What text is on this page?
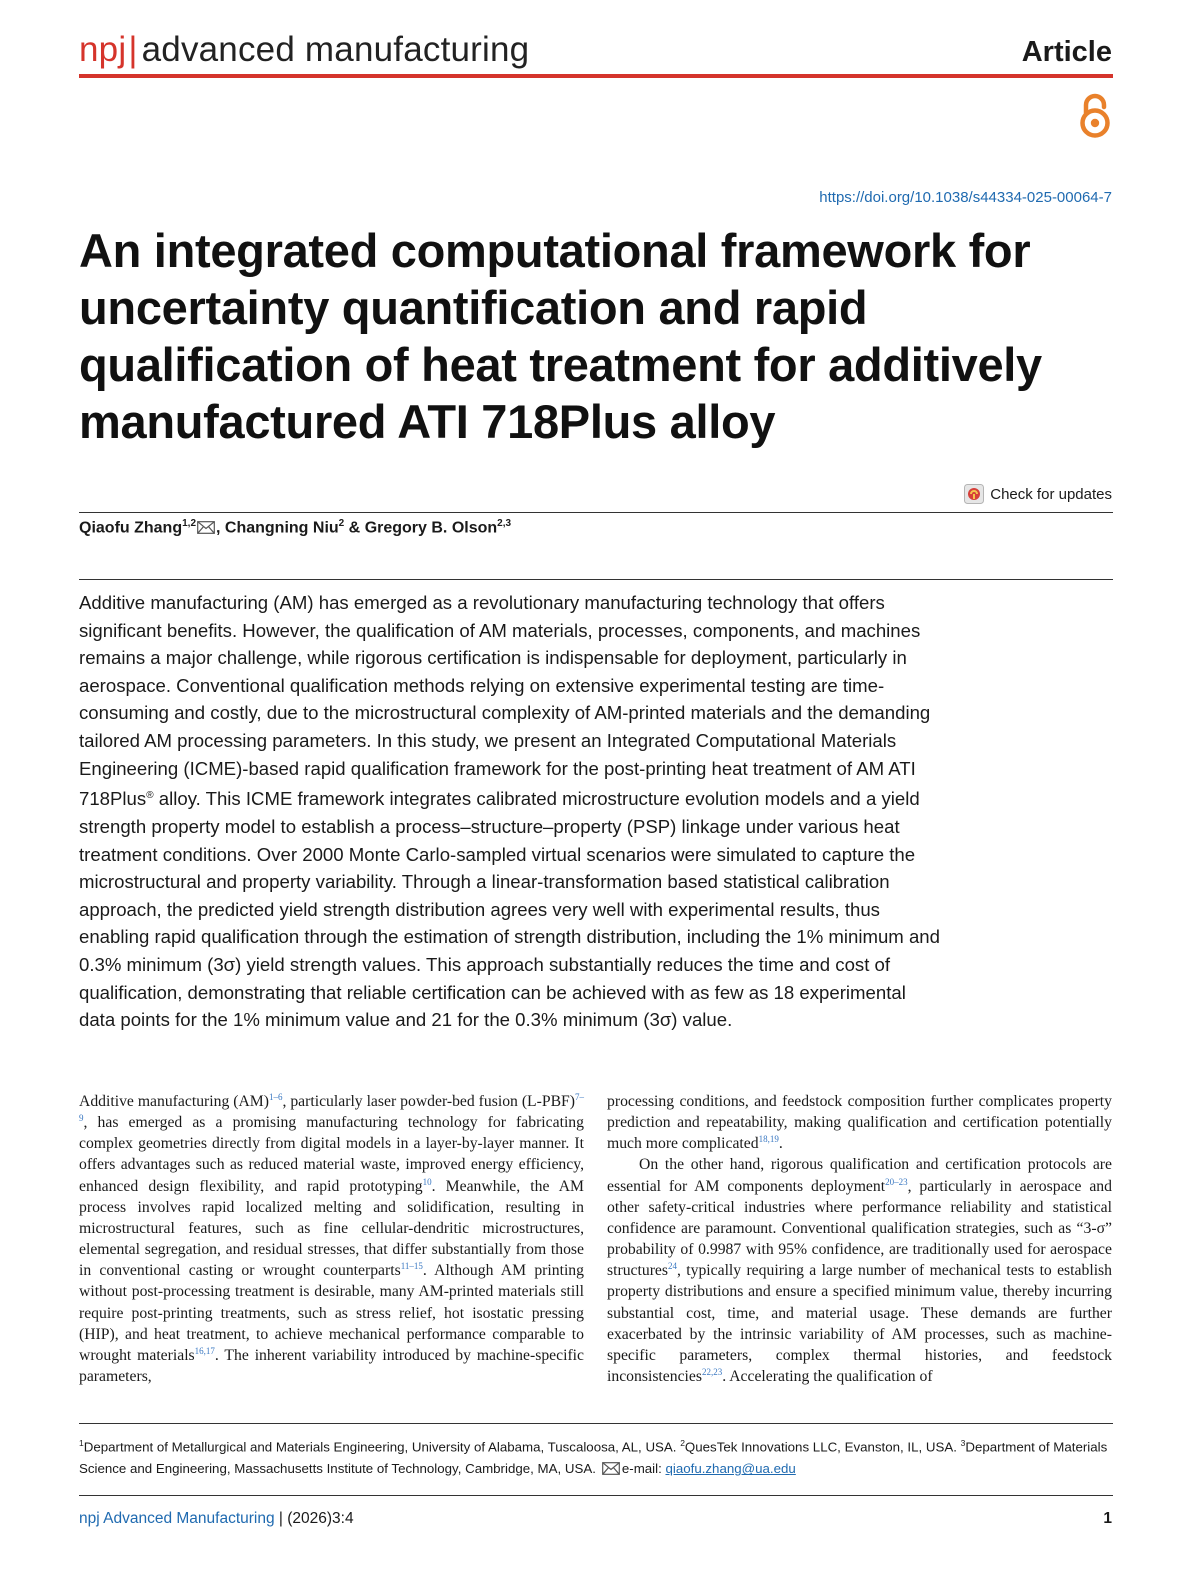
npj| advanced manufacturing	Article
https://doi.org/10.1038/s44334-025-00064-7
An integrated computational framework for uncertainty quantification and rapid qualification of heat treatment for additively manufactured ATI 718Plus alloy
Check for updates
Qiaofu Zhang$^{1,2}$ , Changning Niu$^2$ & Gregory B. Olson$^{2,3}$

Additive manufacturing (AM) has emerged as a revolutionary manufacturing technology that offers significant benefits. However, the qualification of AM materials, processes, components, and machines remains a major challenge, while rigorous certification is indispensable for deployment, particularly in aerospace. Conventional qualification methods relying on extensive experimental testing are time-consuming and costly, due to the microstructural complexity of AM-printed materials and the demanding tailored AM processing parameters. In this study, we present an Integrated Computational Materials Engineering (ICME)-based rapid qualification framework for the post-printing heat treatment of AM ATI 718Plus® alloy. This ICME framework integrates calibrated microstructure evolution models and a yield strength property model to establish a process–structure–property (PSP) linkage under various heat treatment conditions. Over 2000 Monte Carlo-sampled virtual scenarios were simulated to capture the microstructural and property variability. Through a linear-transformation based statistical calibration approach, the predicted yield strength distribution agrees very well with experimental results, thus enabling rapid qualification through the estimation of strength distribution, including the 1% minimum and 0.3% minimum (3σ) yield strength values. This approach substantially reduces the time and cost of qualification, demonstrating that reliable certification can be achieved with as few as 18 experimental data points for the 1% minimum value and 21 for the 0.3% minimum (3σ) value.

Additive manufacturing (AM)$^{1-6}$, particularly laser powder-bed fusion (L-PBF)$^{7-9}$, has emerged as a promising manufacturing technology for fabricating complex geometries directly from digital models in a layer-by-layer manner. It offers advantages such as reduced material waste, improved energy efficiency, enhanced design flexibility, and rapid prototyping$^{10}$. Meanwhile, the AM process involves rapid localized melting and solidification, resulting in microstructural features, such as fine cellular-dendritic microstructures, elemental segregation, and residual stresses, that differ substantially from those in conventional casting or wrought counterparts$^{11-15}$. Although AM printing without post-processing treatment is desirable, many AM-printed materials still require post-printing treatments, such as stress relief, hot isostatic pressing (HIP), and heat treatment, to achieve mechanical performance comparable to wrought materials$^{16,17}$. The inherent variability introduced by machine-specific parameters,

processing conditions, and feedstock composition further complicates property prediction and repeatability, making qualification and certification potentially much more complicated$^{18,19}$.

On the other hand, rigorous qualification and certification protocols are essential for AM components deployment$^{20-23}$, particularly in aerospace and other safety-critical industries where performance reliability and statistical confidence are paramount. Conventional qualification strategies, such as “3-σ” probability of 0.9987 with 95% confidence, are traditionally used for aerospace structures$^{24}$, typically requiring a large number of mechanical tests to establish property distributions and ensure a specified minimum value, thereby incurring substantial cost, time, and material usage. These demands are further exacerbated by the intrinsic variability of AM processes, such as machine-specific parameters, complex thermal histories, and feedstock inconsistencies$^{22,23}$. Accelerating the qualification of

$^1$Department of Metallurgical and Materials Engineering, University of Alabama, Tuscaloosa, AL, USA. $^2$QuesTek Innovations LLC, Evanston, IL, USA. $^3$Department of Materials Science and Engineering, Massachusetts Institute of Technology, Cambridge, MA, USA. e-mail: qiaofu.zhang@ua.edu

npj Advanced Manufacturing | (2026)3:4	1
